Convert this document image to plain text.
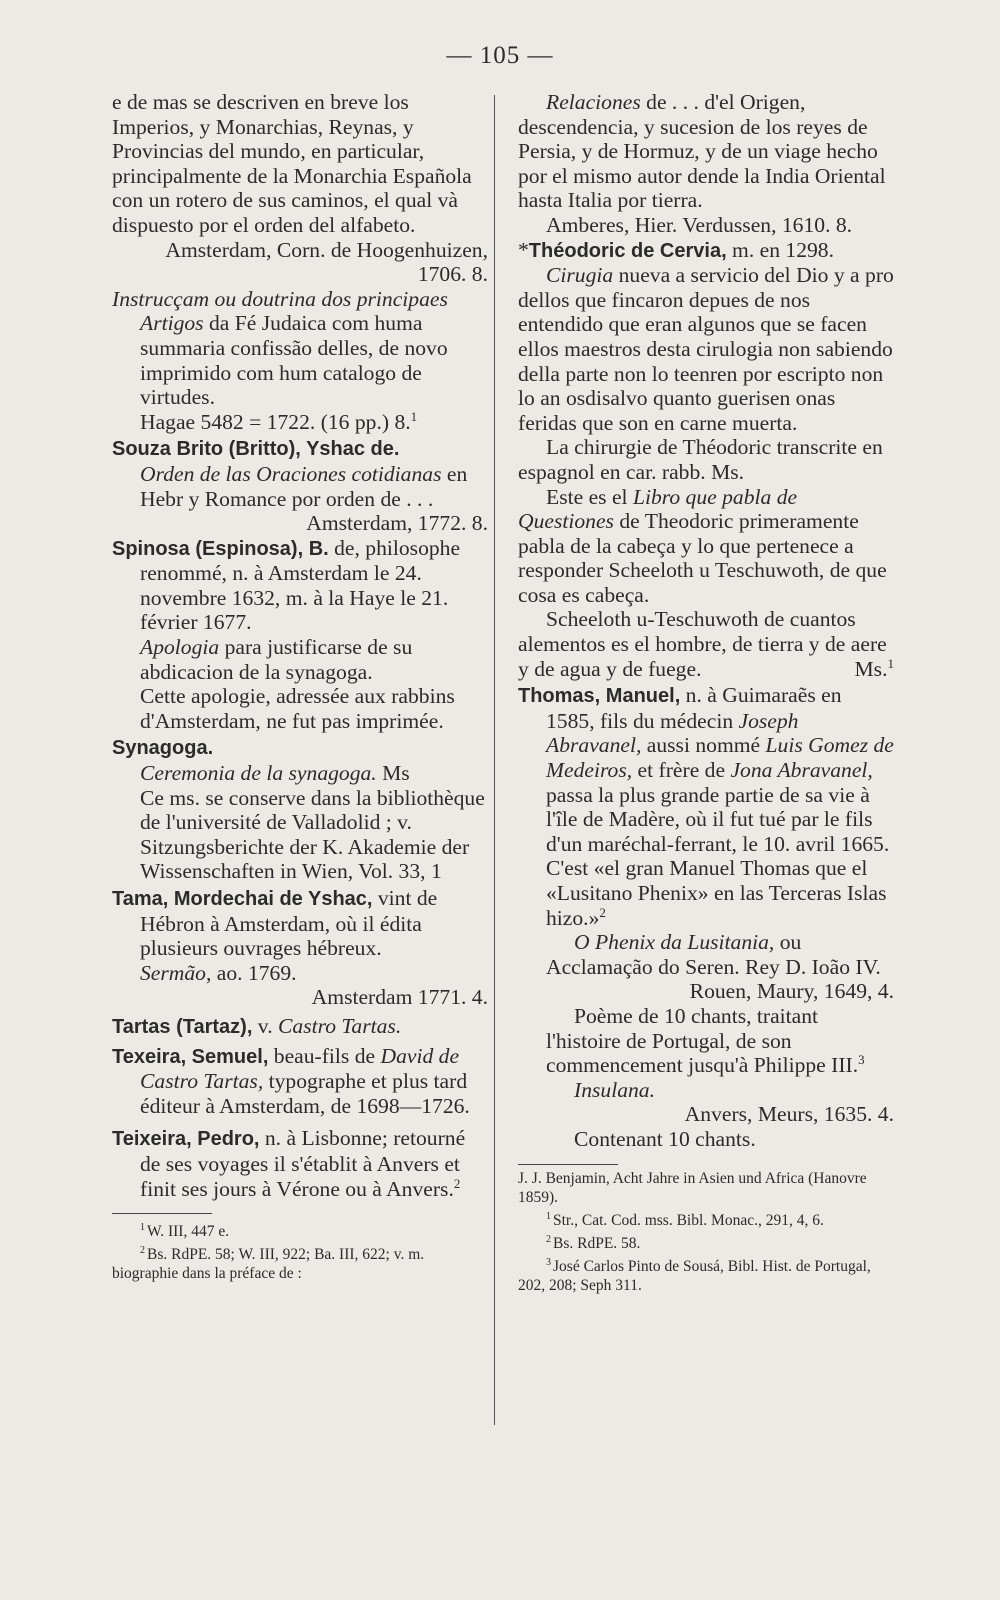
— 105 —

e de mas se descriven en breve los Imperios, y Monarchias, Reynas, y Provincias del mundo, en particular, principalmente de la Monarchia Española con un rotero de sus caminos, el qual và dispuesto por el orden del alfabeto.

Amsterdam, Corn. de Hoogenhuizen, 1706. 8.

Instrucçam ou doutrina dos principaes Artigos da Fé Judaica com huma summaria confissão delles, de novo imprimido com hum catalogo de virtudes.

Hagae 5482 = 1722. (16 pp.) 8.$^1$

Souza Brito (Britto), Yshac de.
Orden de las Oraciones cotidianas en Hebr y Romance por orden de . . .

Amsterdam, 1772. 8.

Spinosa (Espinosa), B. de, philosophe renommé, n. à Amsterdam le 24. novembre 1632, m. à la Haye le 21. février 1677.

Apologia para justificarse de su abdicacion de la synagoga.

Cette apologie, adressée aux rabbins d'Amsterdam, ne fut pas imprimée.

Synagoga.

Ceremonia de la synagoga. Ms

Ce ms. se conserve dans la bibliothèque de l'université de Valladolid ; v. Sitzungsberichte der K. Akademie der Wissenschaften in Wien, Vol. 33, 1

Tama, Mordechai de Yshac, vint de Hébron à Amsterdam, où il édita plusieurs ouvrages hébreux.

Sermão, ao. 1769.

Amsterdam 1771. 4.

Tartas (Tartaz), v. Castro Tartas.

Texeira, Semuel, beau-fils de David de Castro Tartas, typographe et plus tard éditeur à Amsterdam, de 1698—1726.

Teixeira, Pedro, n. à Lisbonne; retourné de ses voyages il s'établit à Anvers et finit ses jours à Vérone ou à Anvers.$^2$

$^1$ W. III, 447 e.

$^2$ Bs. RdPE. 58; W. III, 922; Ba. III, 622; v. m. biographie dans la préface de :

Relaciones de . . . d'el Origen, descendencia, y sucesion de los reyes de Persia, y de Hormuz, y de un viage hecho por el mismo autor dende la India Oriental hasta Italia por tierra.

Amberes, Hier. Verdussen, 1610. 8.

*Théodoric de Cervia, m. en 1298.

Cirugia nueva a servicio del Dio y a pro dellos que fincaron depues de nos entendido que eran algunos que se facen ellos maestros desta cirulogia non sabiendo della parte non lo teenren por escripto non lo an osdisalvo quanto guerisen onas feridas que son en carne muerta.

La chirurgie de Théodoric transcrite en espagnol en car. rabb. Ms.

Este es el Libro que pabla de Questiones de Theodoric primeramente pabla de la cabeça y lo que pertenece a responder Scheeloth u Teschuwoth, de que cosa es cabeça.

Scheeloth u-Teschuwoth de cuantos alementos es el hombre, de tierra y de aere y de agua y de fuege.	Ms.$^1$

Thomas, Manuel, n. à Guimaraẽs en 1585, fils du médecin Joseph Abravanel, aussi nommé Luis Gomez de Medeiros, et frère de Jona Abravanel, passa la plus grande partie de sa vie à l'île de Madère, où il fut tué par le fils d'un maréchal-ferrant, le 10. avril 1665. C'est «el gran Manuel Thomas que el «Lusitano Phenix» en las Terceras Islas hizo.»$^2$

O Phenix da Lusitania, ou Acclamação do Seren. Rey D. Ioão IV.

Rouen, Maury, 1649, 4.

Poème de 10 chants, traitant l'histoire de Portugal, de son commencement jusqu'à Philippe III.$^3$

Insulana.

Anvers, Meurs, 1635. 4.

Contenant 10 chants.

J. J. Benjamin, Acht Jahre in Asien und Africa (Hanovre 1859).

$^1$ Str., Cat. Cod. mss. Bibl. Monac., 291, 4, 6.

$^2$ Bs. RdPE. 58.

$^3$ José Carlos Pinto de Sousá, Bibl. Hist. de Portugal, 202, 208; Seph 311.
